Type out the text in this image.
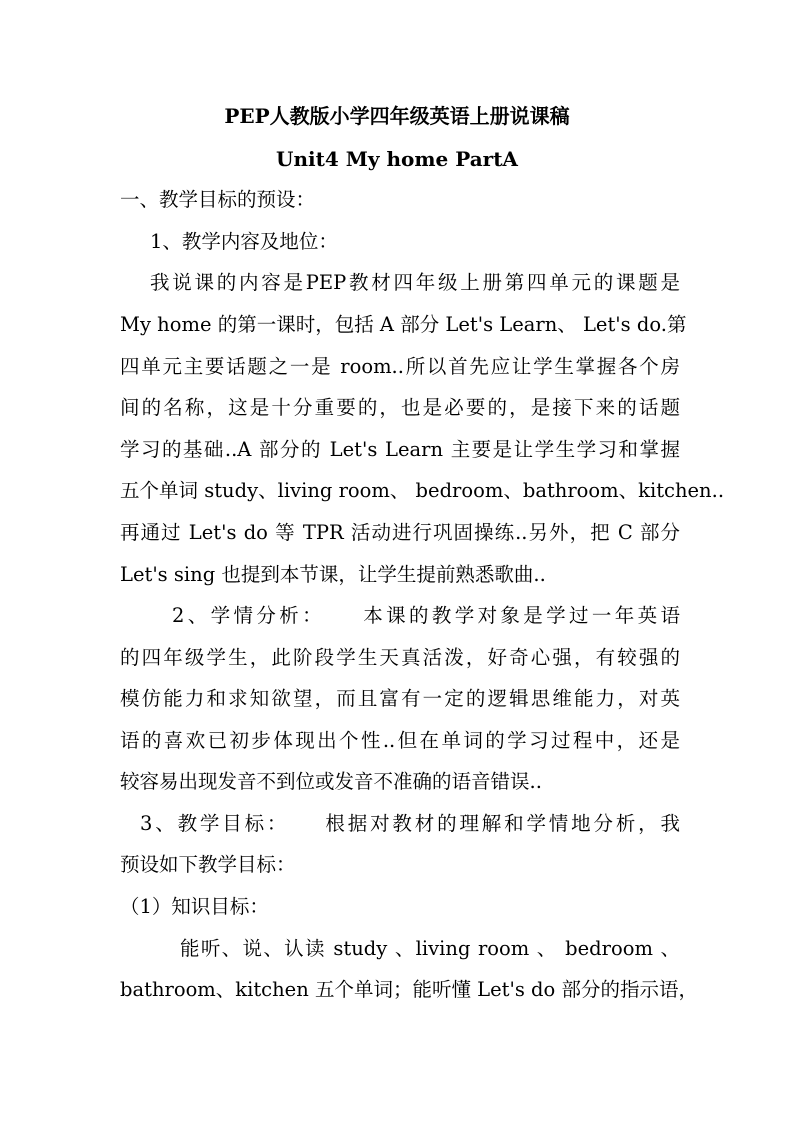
PEP人教版小学四年级英语上册说课稿
Unit4 My home PartA
一、教学目标的预设：
1、教学内容及地位：
我说课的内容是PEP教材四年级上册第四单元的课题是
My home 的第一课时，包括 A 部分 Let's Learn、 Let's do.第
四单元主要话题之一是 room..所以首先应让学生掌握各个房
间的名称，这是十分重要的，也是必要的，是接下来的话题
学习的基础..A 部分的 Let's Learn 主要是让学生学习和掌握
五个单词 study、living room、 bedroom、bathroom、kitchen..
再通过 Let's do 等 TPR 活动进行巩固操练..另外，把 C 部分
Let's sing 也提到本节课，让学生提前熟悉歌曲..
2、学情分析：    本课的教学对象是学过一年英语
的四年级学生，此阶段学生天真活泼，好奇心强，有较强的
模仿能力和求知欲望，而且富有一定的逻辑思维能力，对英
语的喜欢已初步体现出个性..但在单词的学习过程中，还是
较容易出现发音不到位或发音不准确的语音错误..
3、教学目标：    根据对教材的理解和学情地分析，我
预设如下教学目标：
（1）知识目标：
能听、说、认读 study 、living room 、 bedroom 、
bathroom、kitchen 五个单词；能听懂 Let's do 部分的指示语，
